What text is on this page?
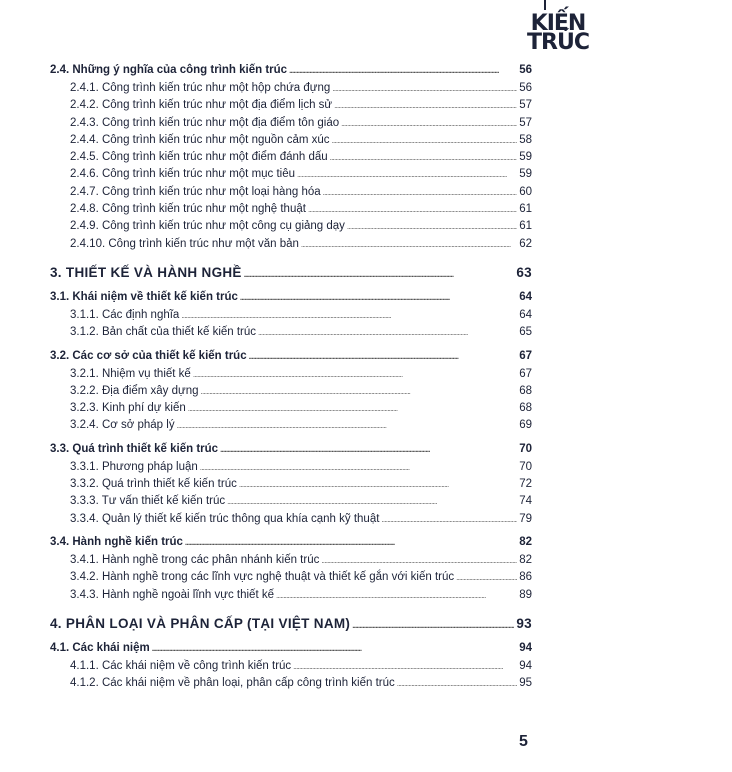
KIẾN
TRÚC
2.4. Những ý nghĩa của công trình kiến trúc . . .	56
2.4.1. Công trình kiến trúc như một hộp chứa đựng . . .	56
2.4.2. Công trình kiến trúc như một địa điểm lịch sử . . .	57
2.4.3. Công trình kiến trúc như một địa điểm tôn giáo . . .	57
2.4.4. Công trình kiến trúc như một nguồn cảm xúc . . .	58
2.4.5. Công trình kiến trúc như một điểm đánh dấu . . .	59
2.4.6. Công trình kiến trúc như một mục tiêu . . .	59
2.4.7. Công trình kiến trúc như một loại hàng hóa . . .	60
2.4.8. Công trình kiến trúc như một nghệ thuật . . .	61
2.4.9. Công trình kiến trúc như một công cụ giảng dạy . . .	61
2.4.10. Công trình kiến trúc như một văn bản . . .	62
3. THIẾT KẾ VÀ HÀNH NGHỀ . . .	63
3.1. Khái niệm về thiết kế kiến trúc . . .	64
3.1.1. Các định nghĩa . . .	64
3.1.2. Bản chất của thiết kế kiến trúc . . .	65
3.2. Các cơ sở của thiết kế kiến trúc . . .	67
3.2.1. Nhiệm vụ thiết kế . . .	67
3.2.2. Địa điểm xây dựng . . .	68
3.2.3. Kinh phí dự kiến . . .	68
3.2.4. Cơ sở pháp lý . . .	69
3.3. Quá trình thiết kế kiến trúc . . .	70
3.3.1. Phương pháp luận . . .	70
3.3.2. Quá trình thiết kế kiến trúc . . .	72
3.3.3. Tư vấn thiết kế kiến trúc . . .	74
3.3.4. Quản lý thiết kế kiến trúc thông qua khía cạnh kỹ thuật . . .	79
3.4. Hành nghề kiến trúc . . .	82
3.4.1. Hành nghề trong các phân nhánh kiến trúc . . .	82
3.4.2. Hành nghề trong các lĩnh vực nghệ thuật và thiết kế gắn với kiến trúc . . .	86
3.4.3. Hành nghề ngoài lĩnh vực thiết kế . . .	89
4. PHÂN LOẠI VÀ PHÂN CẤP (TẠI VIỆT NAM) . . .	93
4.1. Các khái niệm . . .	94
4.1.1. Các khái niệm về công trình kiến trúc . . .	94
4.1.2. Các khái niệm về phân loại, phân cấp công trình kiến trúc . . .	95
5
